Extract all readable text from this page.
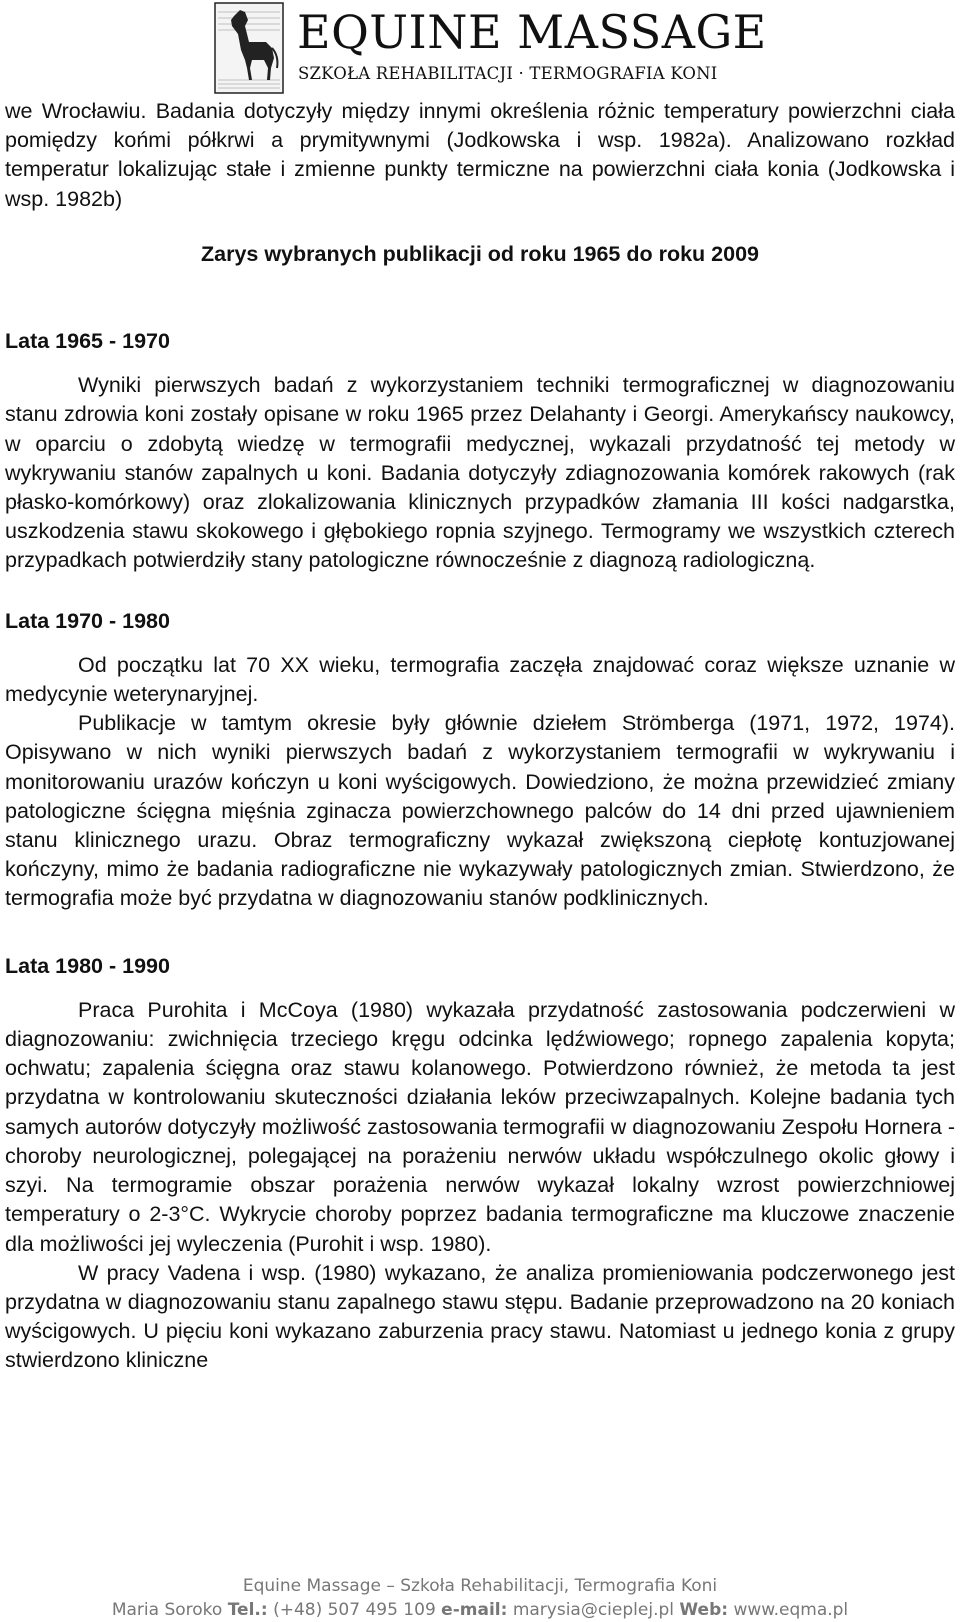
EQUINE MASSAGE
SZKOŁA REHABILITACJI · TERMOGRAFIA KONI

we Wrocławiu. Badania dotyczyły między innymi określenia różnic temperatury powierzchni ciała pomiędzy końmi półkrwi a prymitywnymi (Jodkowska i wsp. 1982a). Analizowano rozkład temperatur lokalizując stałe i zmienne punkty termiczne na powierzchni ciała konia (Jodkowska i wsp. 1982b)

Zarys wybranych publikacji od roku 1965 do roku 2009

Lata 1965 - 1970

Wyniki pierwszych badań z wykorzystaniem techniki termograficznej w diagnozowaniu stanu zdrowia koni zostały opisane w roku 1965 przez Delahanty i Georgi. Amerykańscy naukowcy, w oparciu o zdobytą wiedzę w termografii medycznej, wykazali przydatność tej metody w wykrywaniu stanów zapalnych u koni. Badania dotyczyły zdiagnozowania komórek rakowych (rak płasko-komórkowy) oraz zlokalizowania klinicznych przypadków złamania III kości nadgarstka, uszkodzenia stawu skokowego i głębokiego ropnia szyjnego. Termogramy we wszystkich czterech przypadkach potwierdziły stany patologiczne równocześnie z diagnozą radiologiczną.

Lata 1970 - 1980

Od początku lat 70 XX wieku, termografia zaczęła znajdować coraz większe uznanie w medycynie weterynaryjnej.

Publikacje w tamtym okresie były głównie dziełem Strömberga (1971, 1972, 1974). Opisywano w nich wyniki pierwszych badań z wykorzystaniem termografii w wykrywaniu i monitorowaniu urazów kończyn u koni wyścigowych. Dowiedziono, że można przewidzieć zmiany patologiczne ścięgna mięśnia zginacza powierzchownego palców do 14 dni przed ujawnieniem stanu klinicznego urazu. Obraz termograficzny wykazał zwiększoną ciepłotę kontuzjowanej kończyny, mimo że badania radiograficzne nie wykazywały patologicznych zmian. Stwierdzono, że termografia może być przydatna w diagnozowaniu stanów podklinicznych.

Lata 1980 - 1990

Praca Purohita i McCoya (1980) wykazała przydatność zastosowania podczerwieni w diagnozowaniu: zwichnięcia trzeciego kręgu odcinka lędźwiowego; ropnego zapalenia kopyta; ochwatu; zapalenia ścięgna oraz stawu kolanowego. Potwierdzono również, że metoda ta jest przydatna w kontrolowaniu skuteczności działania leków przeciwzapalnych. Kolejne badania tych samych autorów dotyczyły możliwość zastosowania termografii w diagnozowaniu Zespołu Hornera - choroby neurologicznej, polegającej na porażeniu nerwów układu współczulnego okolic głowy i szyi. Na termogramie obszar porażenia nerwów wykazał lokalny wzrost powierzchniowej temperatury o 2-3°C. Wykrycie choroby poprzez badania termograficzne ma kluczowe znaczenie dla możliwości jej wyleczenia (Purohit i wsp. 1980).

W pracy Vadena i wsp. (1980) wykazano, że analiza promieniowania podczerwonego jest przydatna w diagnozowaniu stanu zapalnego stawu stępu. Badanie przeprowadzono na 20 koniach wyścigowych. U pięciu koni wykazano zaburzenia pracy stawu. Natomiast u jednego konia z grupy stwierdzono kliniczne

Equine Massage – Szkoła Rehabilitacji, Termografia Koni
Maria Soroko Tel.: (+48) 507 495 109 e-mail: marysia@cieplej.pl Web: www.eqma.pl
